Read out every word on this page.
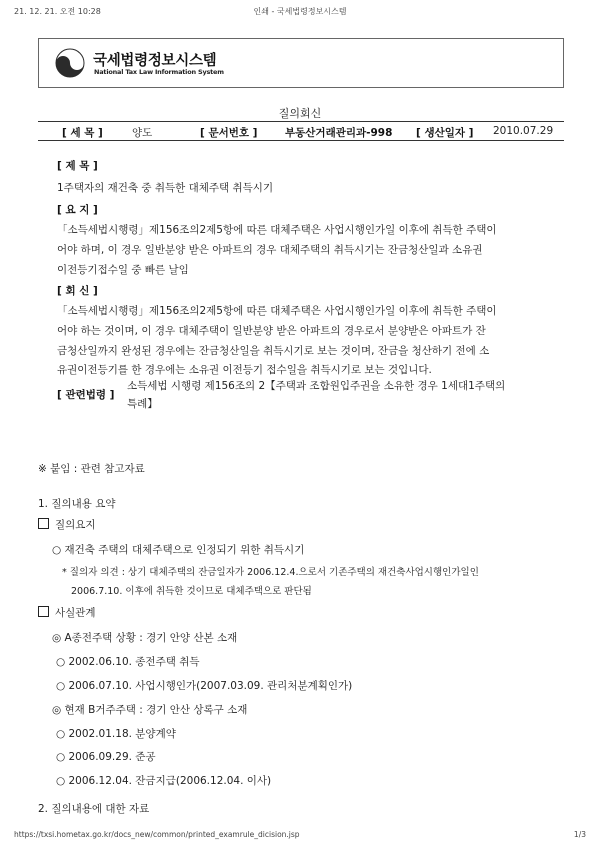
21. 12. 21. 오전 10:28	인쇄 - 국세법령정보시스템
국세법령정보시스템
National Tax Law Information System
질의회신
[ 세 목 ]	양도	[ 문서번호 ]	부동산거래관리과-998 [ 생산일자 ] 2010.07.29
[ 제 목 ]
1주택자의 재건축 중 취득한 대체주택 취득시기
[ 요 지 ]
「소득세법시행령」제156조의2제5항에 따른 대체주택은 사업시행인가일 이후에 취득한 주택이
어야 하며, 이 경우 일반분양 받은 아파트의 경우 대체주택의 취득시기는 잔금청산일과 소유권
이전등기접수일 중 빠른 날임
[ 회 신 ]
「소득세법시행령」제156조의2제5항에 따른 대체주택은 사업시행인가일 이후에 취득한 주택이
어야 하는 것이며, 이 경우 대체주택이 일반분양 받은 아파트의 경우로서 분양받은 아파트가 잔
금청산일까지 완성된 경우에는 잔금청산일을 취득시기로 보는 것이며, 잔금을 청산하기 전에 소
유권이전등기를 한 경우에는 소유권 이전등기 접수일을 취득시기로 보는 것입니다.
[ 관련법령 ]
소득세법 시행령 제156조의 2【주택과 조합원입주권을 소유한 경우 1세대1주택의
특례】
※ 붙임 : 관련 참고자료
1. 질의내용 요약
질의요지
○ 재건축 주택의 대체주택으로 인정되기 위한 취득시기
* 질의자 의견 : 상기 대체주택의 잔금일자가 2006.12.4.으로서 기존주택의 재건축사업시행인가일인
2006.7.10. 이후에 취득한 것이므로 대체주택으로 판단됨
사실관계
◎ A종전주택 상황 : 경기 안양 산본 소재
○ 2002.06.10. 종전주택 취득
○ 2006.07.10. 사업시행인가(2007.03.09. 관리처분계획인가)
◎ 현재 B거주주택 : 경기 안산 상록구 소재
○ 2002.01.18. 분양계약
○ 2006.09.29. 준공
○ 2006.12.04. 잔금지급(2006.12.04. 이사)
2. 질의내용에 대한 자료
https://txsi.hometax.go.kr/docs_new/common/printed_examrule_dicision.jsp	1/3
